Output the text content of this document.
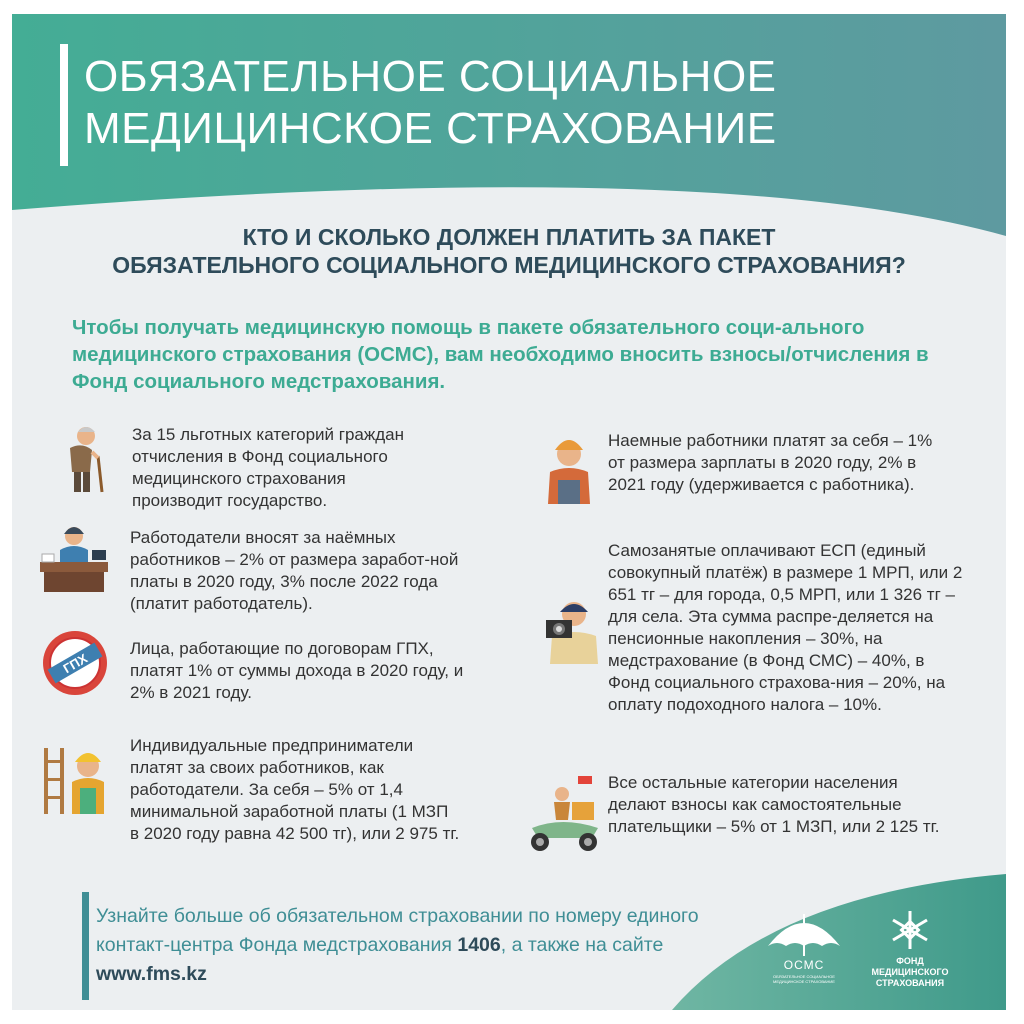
ОБЯЗАТЕЛЬНОЕ СОЦИАЛЬНОЕ
МЕДИЦИНСКОЕ СТРАХОВАНИЕ
КТО И СКОЛЬКО ДОЛЖЕН ПЛАТИТЬ ЗА ПАКЕТ
ОБЯЗАТЕЛЬНОГО СОЦИАЛЬНОГО МЕДИЦИНСКОГО СТРАХОВАНИЯ?
Чтобы получать медицинскую помощь в пакете обязательного соци-ального медицинского страхования (ОСМС), вам необходимо вносить взносы/отчисления в Фонд социального медстрахования.
ГПХ
За 15 льготных категорий граждан отчисления в Фонд социального медицинского страхования производит государство.
Работодатели вносят за наёмных работников – 2% от размера заработ-ной платы в 2020 году, 3% после 2022 года (платит работодатель).
Лица, работающие по договорам ГПХ, платят 1% от суммы дохода в 2020 году, и 2% в 2021 году.
Индивидуальные предприниматели платят за своих работников, как работодатели. За себя – 5% от 1,4 минимальной заработной платы (1 МЗП в 2020 году равна 42 500 тг), или 2 975 тг.
Наемные работники платят за себя – 1% от размера зарплаты в 2020 году, 2% в 2021 году (удерживается с работника).
Самозанятые оплачивают ЕСП (единый совокупный платёж) в размере 1 МРП, или 2 651 тг – для города, 0,5 МРП, или 1 326 тг – для села. Эта сумма распре-деляется на пенсионные накопления – 30%, на медстрахование (в Фонд СМС) – 40%, в Фонд социального страхова-ния – 20%, на оплату подоходного налога – 10%.
Все остальные категории населения делают взносы как самостоятельные плательщики – 5% от 1 МЗП, или 2 125 тг.
Узнайте больше об обязательном страховании по номеру единого контакт-центра Фонда медстрахования 1406, а также на сайте www.fms.kz	ОСМС
ОБЯЗАТЕЛЬНОЕ СОЦИАЛЬНОЕ МЕДИЦИНСКОЕ СТРАХОВАНИЕ
ФОНД
МЕДИЦИНСКОГО
СТРАХОВАНИЯ
